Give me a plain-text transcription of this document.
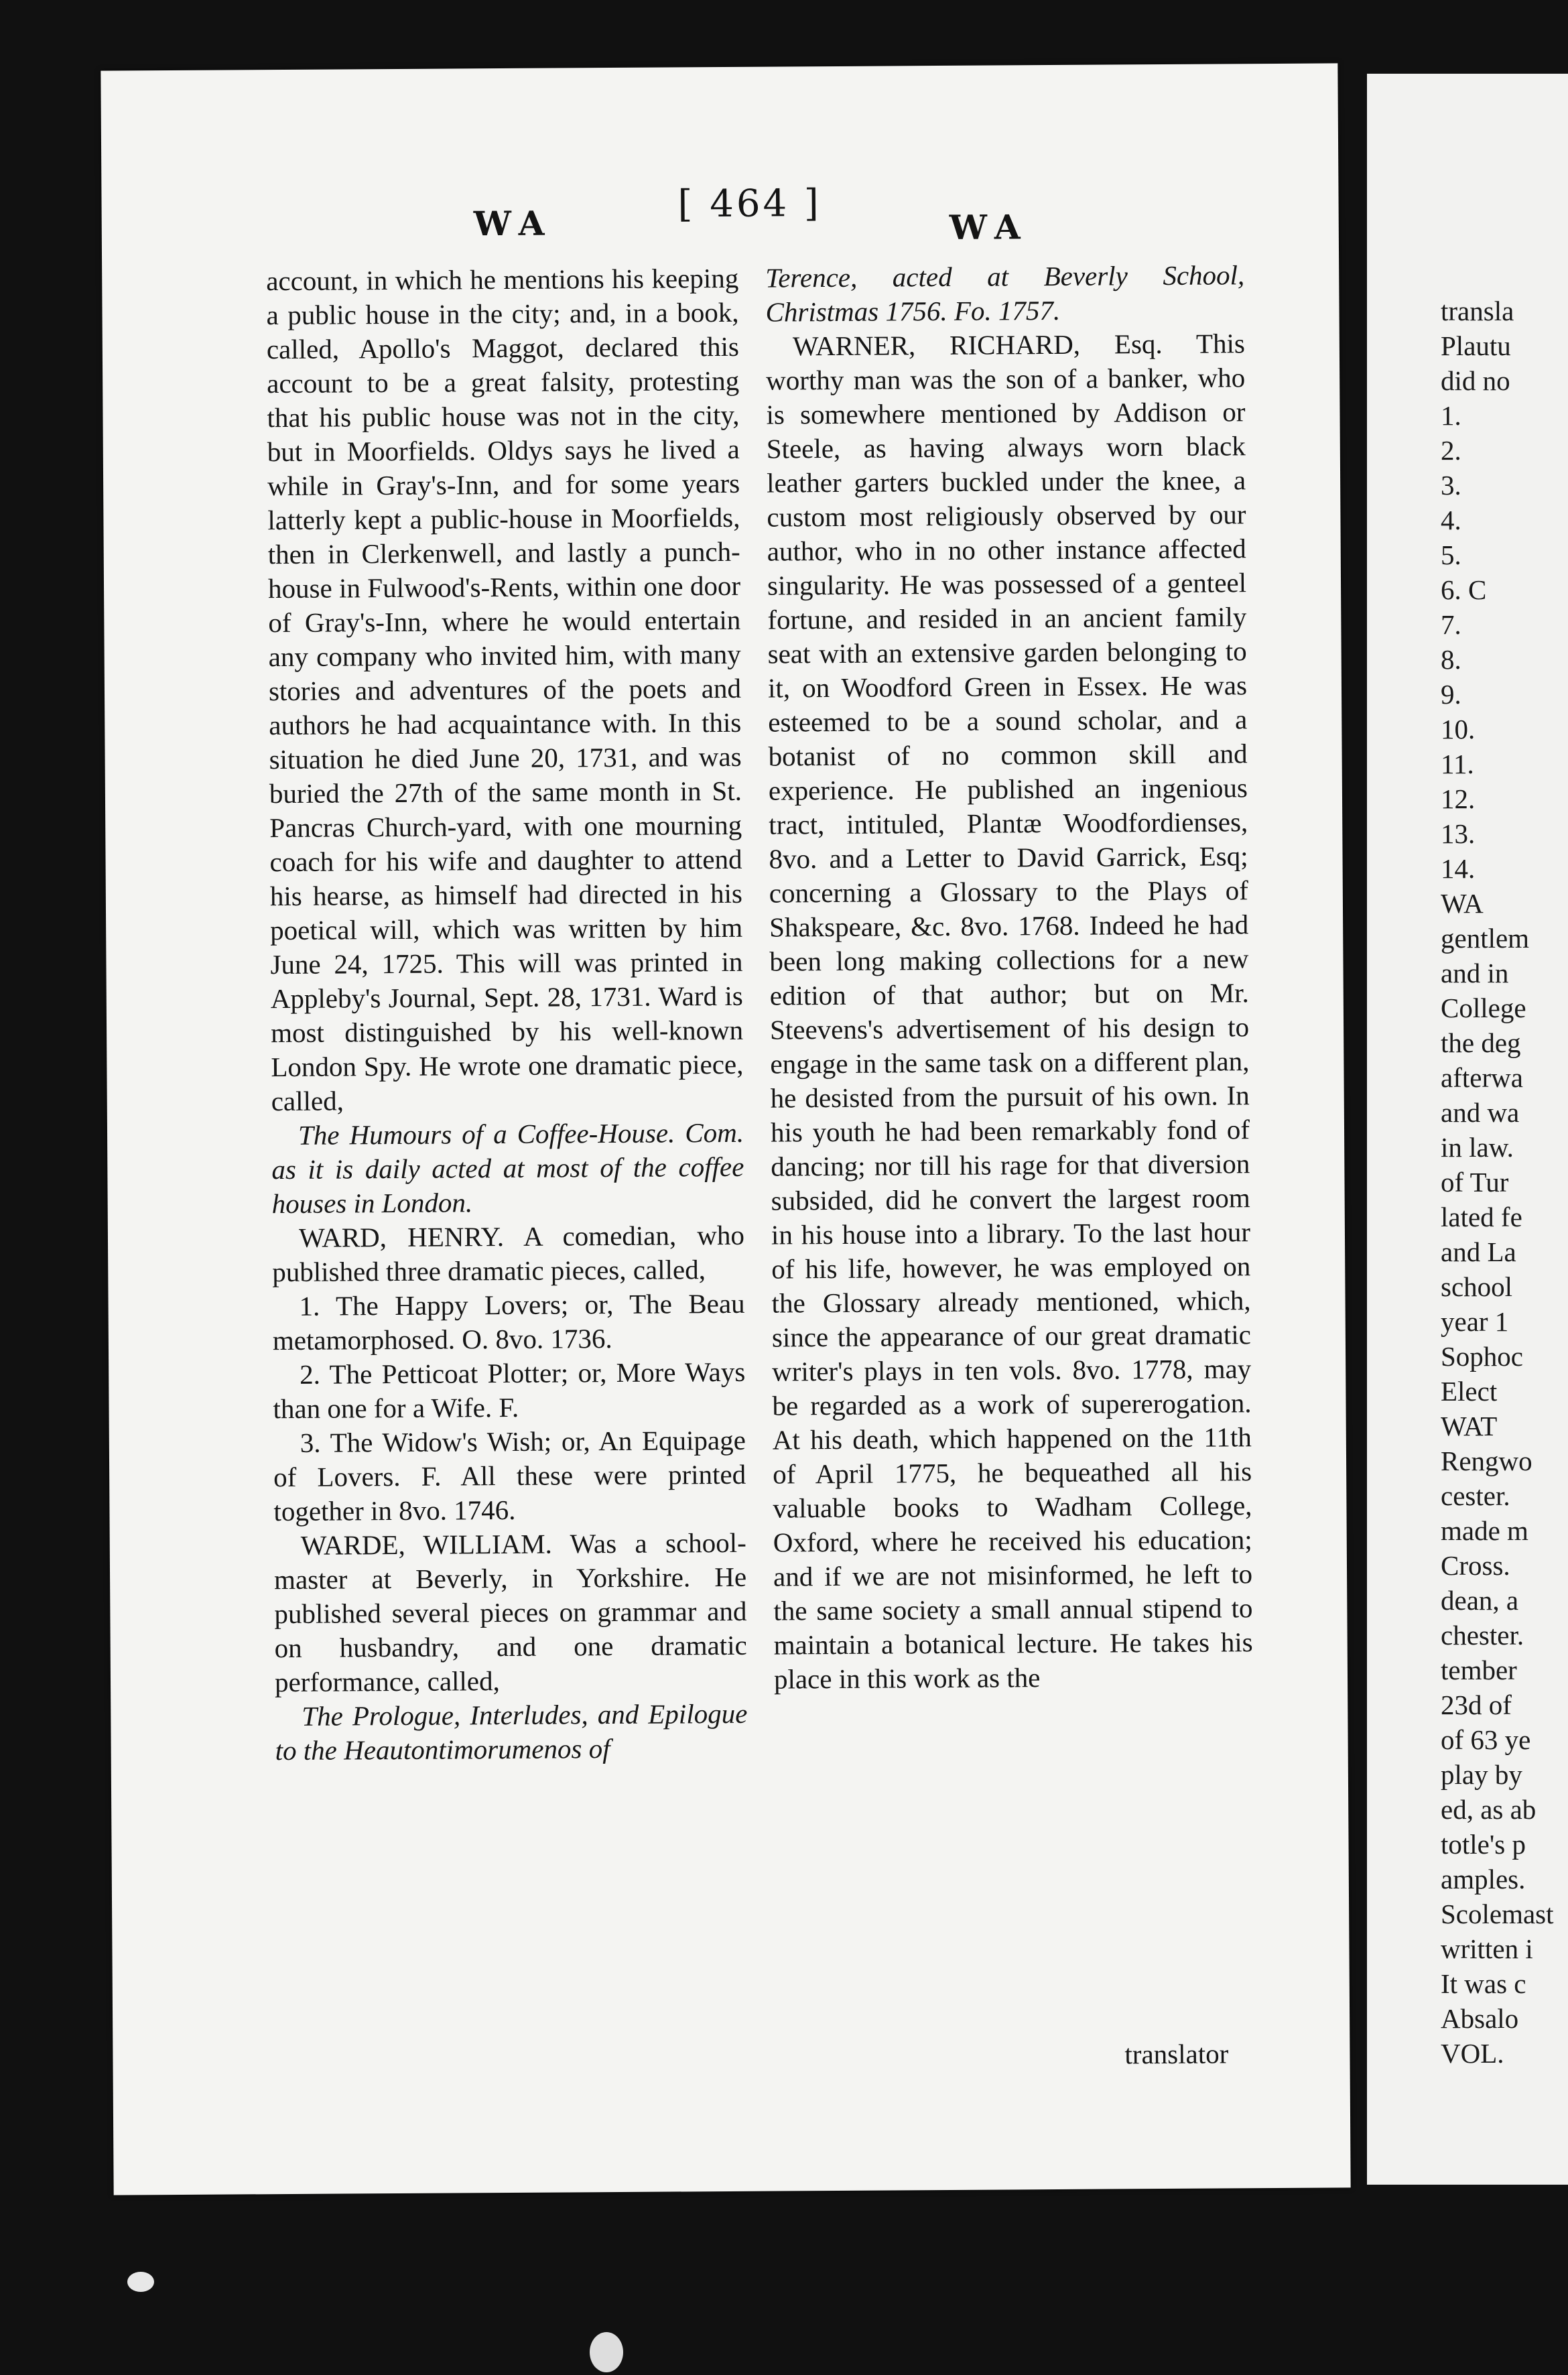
WA	[ 464 ]
WA

account, in which he mentions his keeping a public house in the city; and, in a book, called, Apollo's Maggot, declared this account to be a great falsity, protesting that his public house was not in the city, but in Moorfields. Oldys says he lived a while in Gray's-Inn, and for some years latterly kept a public-house in Moorfields, then in Clerkenwell, and lastly a punch-house in Fulwood's-Rents, within one door of Gray's-Inn, where he would entertain any company who invited him, with many stories and adventures of the poets and authors he had acquaintance with. In this situation he died June 20, 1731, and was buried the 27th of the same month in St. Pancras Church-yard, with one mourning coach for his wife and daughter to attend his hearse, as himself had directed in his poetical will, which was written by him June 24, 1725. This will was printed in Appleby's Journal, Sept. 28, 1731. Ward is most distinguished by his well-known London Spy. He wrote one dramatic piece, called,

The Humours of a Coffee-House. Com. as it is daily acted at most of the coffee houses in London.

WARD, HENRY. A comedian, who published three dramatic pieces, called,

1. The Happy Lovers; or, The Beau metamorphosed. O. 8vo. 1736.

2. The Petticoat Plotter; or, More Ways than one for a Wife. F.

3. The Widow's Wish; or, An Equipage of Lovers. F. All these were printed together in 8vo. 1746.

WARDE, WILLIAM. Was a school-master at Beverly, in Yorkshire. He published several pieces on grammar and on husbandry, and one dramatic performance, called,

The Prologue, Interludes, and Epilogue to the Heautontimorumenos of

Terence, acted at Beverly School, Christmas 1756. Fo. 1757.

WARNER, RICHARD, Esq. This worthy man was the son of a banker, who is somewhere mentioned by Addison or Steele, as having always worn black leather garters buckled under the knee, a custom most religiously observed by our author, who in no other instance affected singularity. He was possessed of a genteel fortune, and resided in an ancient family seat with an extensive garden belonging to it, on Woodford Green in Essex. He was esteemed to be a sound scholar, and a botanist of no common skill and experience. He published an ingenious tract, intituled, Plantæ Woodfordienses, 8vo. and a Letter to David Garrick, Esq; concerning a Glossary to the Plays of Shakspeare, &c. 8vo. 1768. Indeed he had been long making collections for a new edition of that author; but on Mr. Steevens's advertisement of his design to engage in the same task on a different plan, he desisted from the pursuit of his own. In his youth he had been remarkably fond of dancing; nor till his rage for that diversion subsided, did he convert the largest room in his house into a library. To the last hour of his life, however, he was employed on the Glossary already mentioned, which, since the appearance of our great dramatic writer's plays in ten vols. 8vo. 1778, may be regarded as a work of supererogation. At his death, which happened on the 11th of April 1775, he bequeathed all his valuable books to Wadham College, Oxford, where he received his education; and if we are not misinformed, he left to the same society a small annual stipend to maintain a botanical lecture. He takes his place in this work as the

translator
transla
Plautu
did no
1.
2.
3.
4.
5.
6. C
7.
8.
9.
10.
11.
12.
13.
14.
WA
gentlem
and in
College
the deg
afterwa
and wa
in law.
of Tur
lated fe
and La
school
year 1
Sophoc
Elect
WAT
Rengwo
cester.
made m
Cross.
dean, a
chester.
tember
23d of
of 63 ye
play by
ed, as ab
totle's p
amples.
Scolemast
written i
It was c
Absalo
VOL.
